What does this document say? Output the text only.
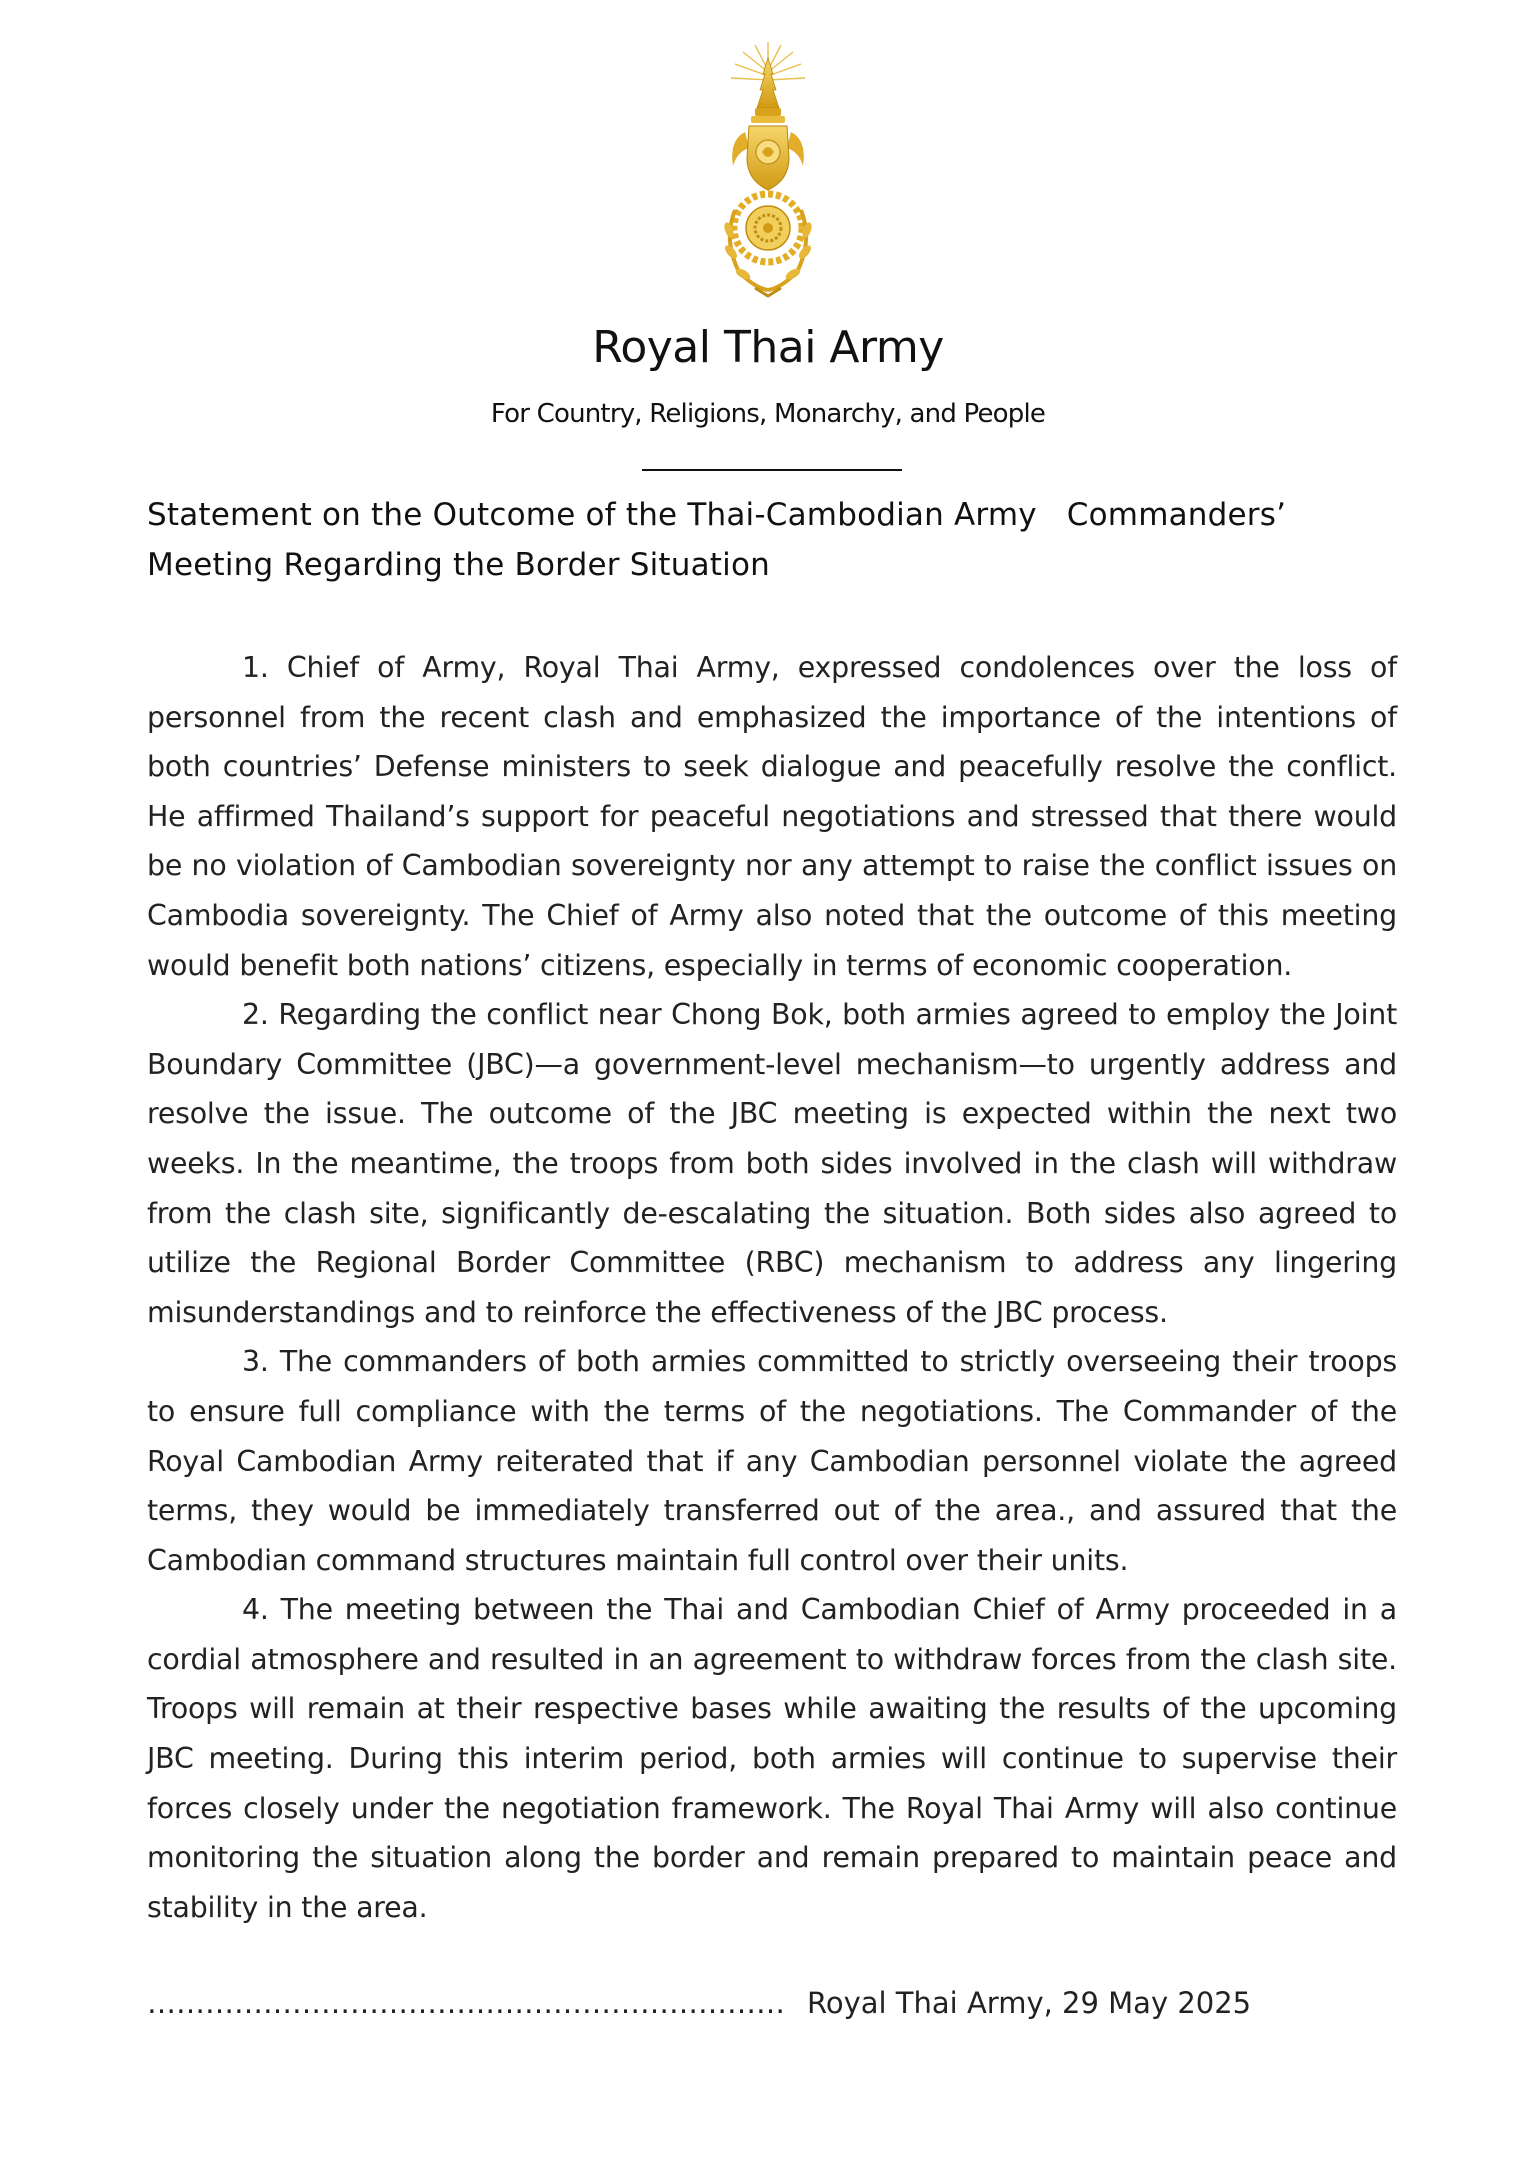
Royal Thai Army
For Country, Religions, Monarchy, and People
Statement on the Outcome of the Thai-Cambodian Army Commanders’
Meeting Regarding the Border Situation

1. Chief of Army, Royal Thai Army, expressed condolences over the loss of personnel from the recent clash and emphasized the importance of the intentions of both countries’ Defense ministers to seek dialogue and peacefully resolve the conflict. He affirmed Thailand’s support for peaceful negotiations and stressed that there would be no violation of Cambodian sovereignty nor any attempt to raise the conflict issues on Cambodia sovereignty. The Chief of Army also noted that the outcome of this meeting would benefit both nations’ citizens, especially in terms of economic cooperation.

2. Regarding the conflict near Chong Bok, both armies agreed to employ the Joint Boundary Committee (JBC)—a government-level mechanism—to urgently address and resolve the issue. The outcome of the JBC meeting is expected within the next two weeks. In the meantime, the troops from both sides involved in the clash will withdraw from the clash site, significantly de-escalating the situation. Both sides also agreed to utilize the Regional Border Committee (RBC) mechanism to address any lingering misunderstandings and to reinforce the effectiveness of the JBC process.

3. The commanders of both armies committed to strictly overseeing their troops to ensure full compliance with the terms of the negotiations. The Commander of the Royal Cambodian Army reiterated that if any Cambodian personnel violate the agreed terms, they would be immediately transferred out of the area., and assured that the Cambodian command structures maintain full control over their units.

4. The meeting between the Thai and Cambodian Chief of Army proceeded in a cordial atmosphere and resulted in an agreement to withdraw forces from the clash site. Troops will remain at their respective bases while awaiting the results of the upcoming JBC meeting. During this interim period, both armies will continue to supervise their forces closely under the negotiation framework. The Royal Thai Army will also continue monitoring the situation along the border and remain prepared to maintain peace and stability in the area.

………………………………………………………… Royal Thai Army, 29 May 2025
